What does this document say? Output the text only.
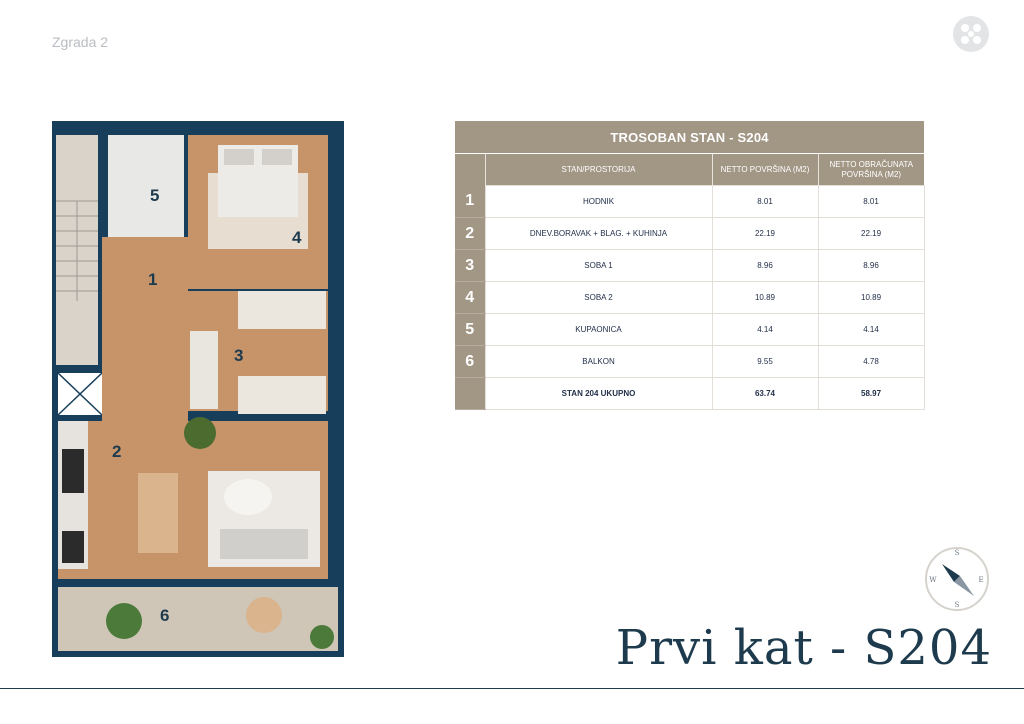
Zgrada 2
1
2
3
4
5
6
TROSOBAN STAN - S204			
	STAN/PROSTORIJA	NETTO POVRŠINA (M2)	NETTO OBRAČUNATA POVRŠINA (M2)
1	HODNIK	8.01	8.01
2	DNEV.BORAVAK + BLAG. + KUHINJA	22.19	22.19
3	SOBA 1	8.96	8.96
4	SOBA 2	10.89	10.89
5	KUPAONICA	4.14	4.14
6	BALKON	9.55	4.78
	STAN 204 UKUPNO	63.74	58.97
S
E
S
W
Prvi kat - S204
